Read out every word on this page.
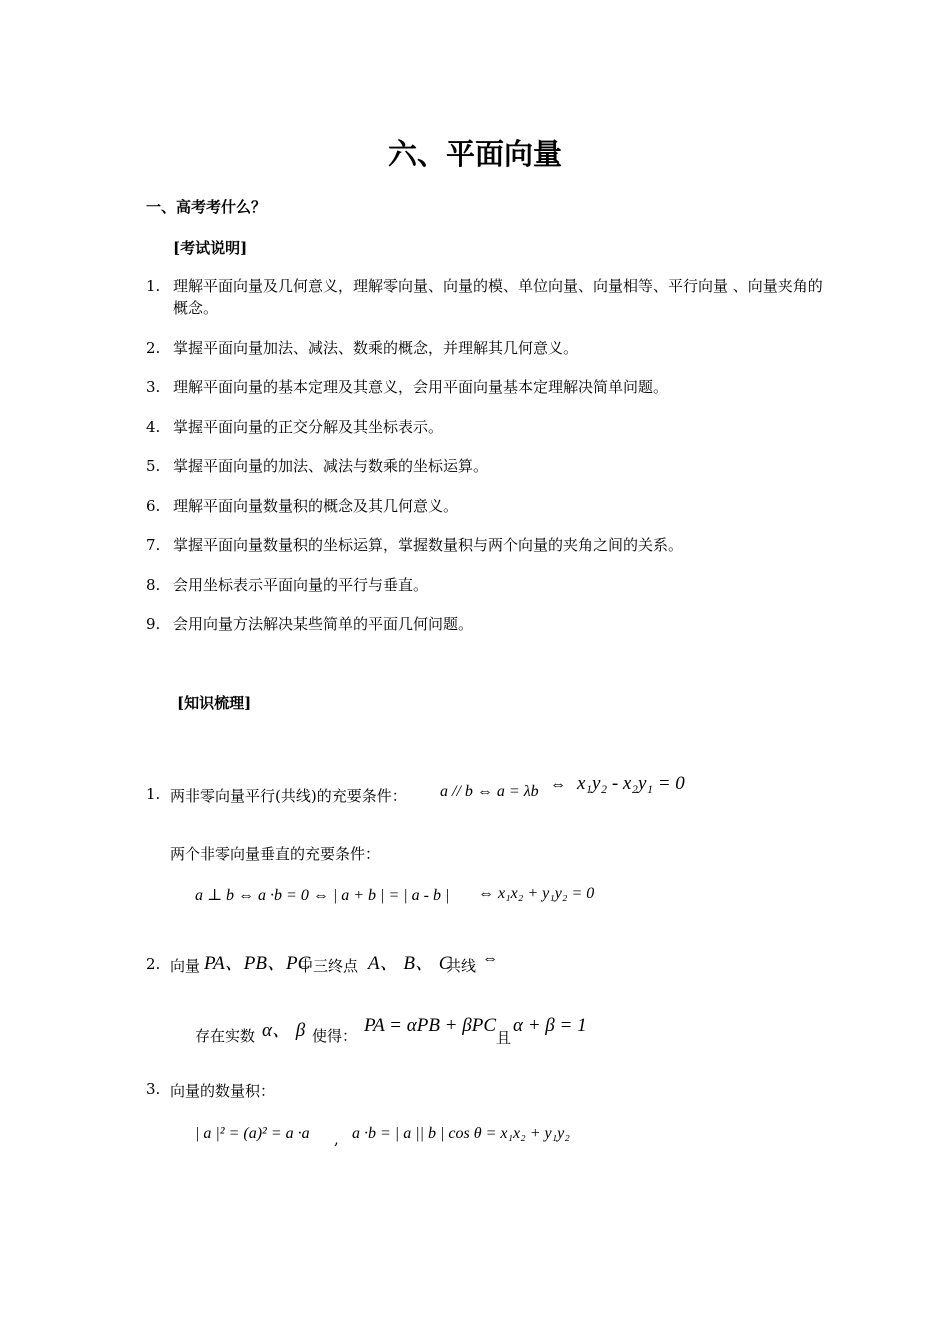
六、平面向量
一、高考考什么？
[考试说明]
1. 理解平面向量及几何意义，理解零向量、向量的模、单位向量、向量相等、平行向量 、向量夹角的概念。
2. 掌握平面向量加法、减法、数乘的概念，并理解其几何意义。
3. 理解平面向量的基本定理及其意义，会用平面向量基本定理解决简单问题。
4. 掌握平面向量的正交分解及其坐标表示。
5. 掌握平面向量的加法、减法与数乘的坐标运算。
6. 理解平面向量数量积的概念及其几何意义。
7. 掌握平面向量数量积的坐标运算，掌握数量积与两个向量的夹角之间的关系。
8. 会用坐标表示平面向量的平行与垂直。
9. 会用向量方法解决某些简单的平面几何问题。
[知识梳理]
1. 两非零向量平行(共线)的充要条件： a // b ⇔ a = λb ⇔ x₁y₂ - x₂y₁ = 0
两个非零向量垂直的充要条件：
a ⊥ b ⇔ a ·b = 0 ⇔ | a + b | = | a - b | ⇔ x₁x₂ + y₁y₂ = 0
2. 向量 PA、PB、PC
中三终点 A、 B、 C
共线 ⇔
存在实数 α、 β 使得： PA = αPB + βPC
且
α + β = 1
3. 向量的数量积：
| a |² = (a)² = a ·a , a ·b = | a || b | cos θ = x₁x₂ + y₁y₂
